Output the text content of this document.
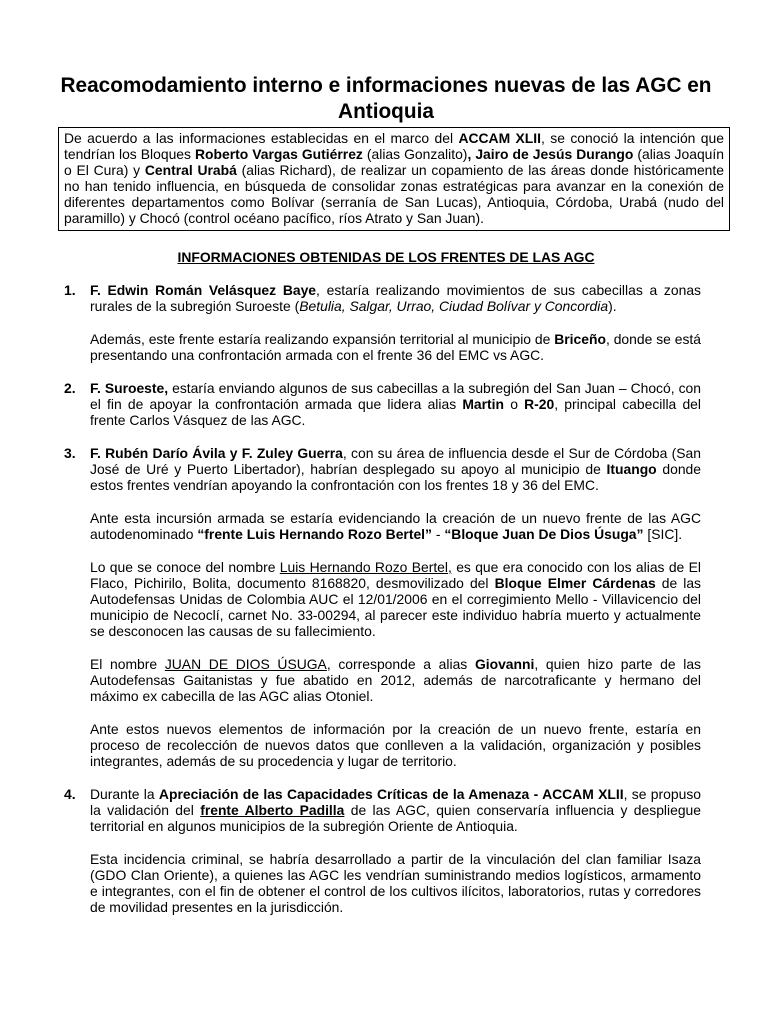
Reacomodamiento interno e informaciones nuevas de las AGC en Antioquia
De acuerdo a las informaciones establecidas en el marco del ACCAM XLII, se conoció la intención que tendrían los Bloques Roberto Vargas Gutiérrez (alias Gonzalito), Jairo de Jesús Durango (alias Joaquín o El Cura) y Central Urabá (alias Richard), de realizar un copamiento de las áreas donde históricamente no han tenido influencia, en búsqueda de consolidar zonas estratégicas para avanzar en la conexión de diferentes departamentos como Bolívar (serranía de San Lucas), Antioquia, Córdoba, Urabá (nudo del paramillo) y Chocó (control océano pacífico, ríos Atrato y San Juan).
INFORMACIONES OBTENIDAS DE LOS FRENTES DE LAS AGC
1. F. Edwin Román Velásquez Baye, estaría realizando movimientos de sus cabecillas a zonas rurales de la subregión Suroeste (Betulia, Salgar, Urrao, Ciudad Bolívar y Concordia).
Además, este frente estaría realizando expansión territorial al municipio de Briceño, donde se está presentando una confrontación armada con el frente 36 del EMC vs AGC.
2. F. Suroeste, estaría enviando algunos de sus cabecillas a la subregión del San Juan – Chocó, con el fin de apoyar la confrontación armada que lidera alias Martin o R-20, principal cabecilla del frente Carlos Vásquez de las AGC.
3. F. Rubén Darío Ávila y F. Zuley Guerra, con su área de influencia desde el Sur de Córdoba (San José de Uré y Puerto Libertador), habrían desplegado su apoyo al municipio de Ituango donde estos frentes vendrían apoyando la confrontación con los frentes 18 y 36 del EMC.
Ante esta incursión armada se estaría evidenciando la creación de un nuevo frente de las AGC autodenominado “frente Luis Hernando Rozo Bertel” - “Bloque Juan De Dios Úsuga” [SIC].
Lo que se conoce del nombre Luis Hernando Rozo Bertel, es que era conocido con los alias de El Flaco, Pichirilo, Bolita, documento 8168820, desmovilizado del Bloque Elmer Cárdenas de las Autodefensas Unidas de Colombia AUC el 12/01/2006 en el corregimiento Mello - Villavicencio del municipio de Necoclí, carnet No. 33-00294, al parecer este individuo habría muerto y actualmente se desconocen las causas de su fallecimiento.
El nombre JUAN DE DIOS ÚSUGA, corresponde a alias Giovanni, quien hizo parte de las Autodefensas Gaitanistas y fue abatido en 2012, además de narcotraficante y hermano del máximo ex cabecilla de las AGC alias Otoniel.
Ante estos nuevos elementos de información por la creación de un nuevo frente, estaría en proceso de recolección de nuevos datos que conlleven a la validación, organización y posibles integrantes, además de su procedencia y lugar de territorio.
4. Durante la Apreciación de las Capacidades Críticas de la Amenaza - ACCAM XLII, se propuso la validación del frente Alberto Padilla de las AGC, quien conservaría influencia y despliegue territorial en algunos municipios de la subregión Oriente de Antioquia.
Esta incidencia criminal, se habría desarrollado a partir de la vinculación del clan familiar Isaza (GDO Clan Oriente), a quienes las AGC les vendrían suministrando medios logísticos, armamento e integrantes, con el fin de obtener el control de los cultivos ilícitos, laboratorios, rutas y corredores de movilidad presentes en la jurisdicción.
